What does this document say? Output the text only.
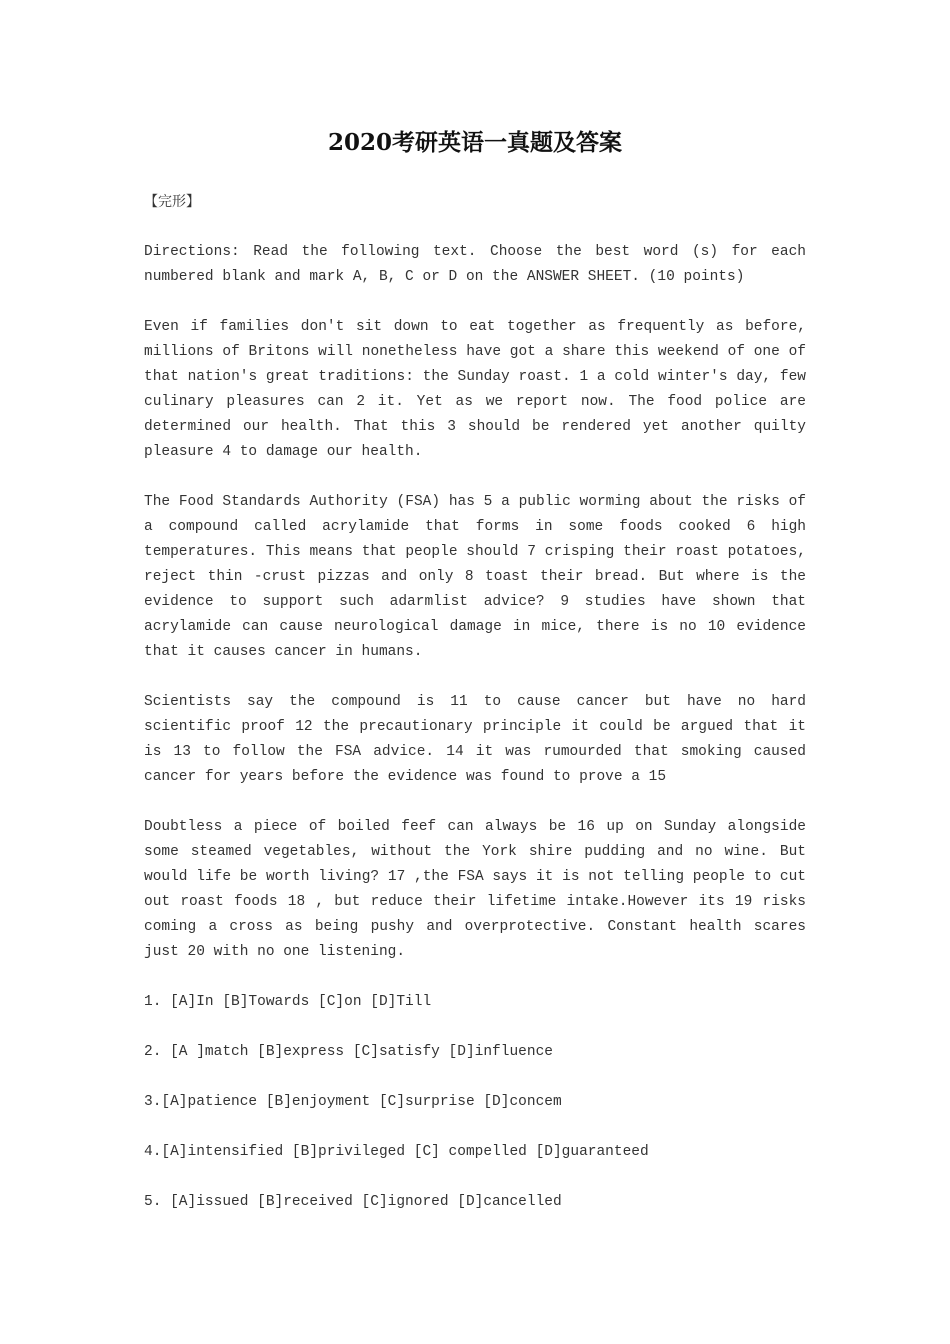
2020考研英语一真题及答案

【完形】

Directions: Read the following text. Choose the best word (s) for each numbered blank and mark A, B, C or D on the ANSWER SHEET. (10 points)

Even if families don't sit down to eat together as frequently as before, millions of Britons will nonetheless have got a share this weekend of one of that nation's great traditions: the Sunday roast. 1 a cold winter's day, few culinary pleasures can 2 it. Yet as we report now. The food police are determined our health. That this 3 should be rendered yet another quilty pleasure 4 to damage our health.

The Food Standards Authority (FSA) has 5 a public worming about the risks of a compound called acrylamide that forms in some foods cooked 6 high temperatures. This means that people should 7 crisping their roast potatoes, reject thin -crust pizzas and only 8 toast their bread. But where is the evidence to support such adarmlist advice? 9 studies have shown that acrylamide can cause neurological damage in mice, there is no 10 evidence that it causes cancer in humans.

Scientists say the compound is 11 to cause cancer but have no hard scientific proof 12 the precautionary principle it could be argued that it is 13 to follow the FSA advice. 14 it was rumourded that smoking caused cancer for years before the evidence was found to prove a 15

Doubtless a piece of boiled feef can always be 16 up on Sunday alongside some steamed vegetables, without the York shire pudding and no wine. But would life be worth living? 17 ,the FSA says it is not telling people to cut out roast foods 18 , but reduce their lifetime intake.However its 19 risks coming a cross as being pushy and overprotective. Constant health scares just 20 with no one listening.

1. [A]In [B]Towards [C]on [D]Till

2. [A ]match [B]express [C]satisfy [D]influence

3.[A]patience [B]enjoyment [C]surprise [D]concem

4.[A]intensified [B]privileged [C] compelled [D]guaranteed

5. [A]issued [B]received [C]ignored [D]cancelled
